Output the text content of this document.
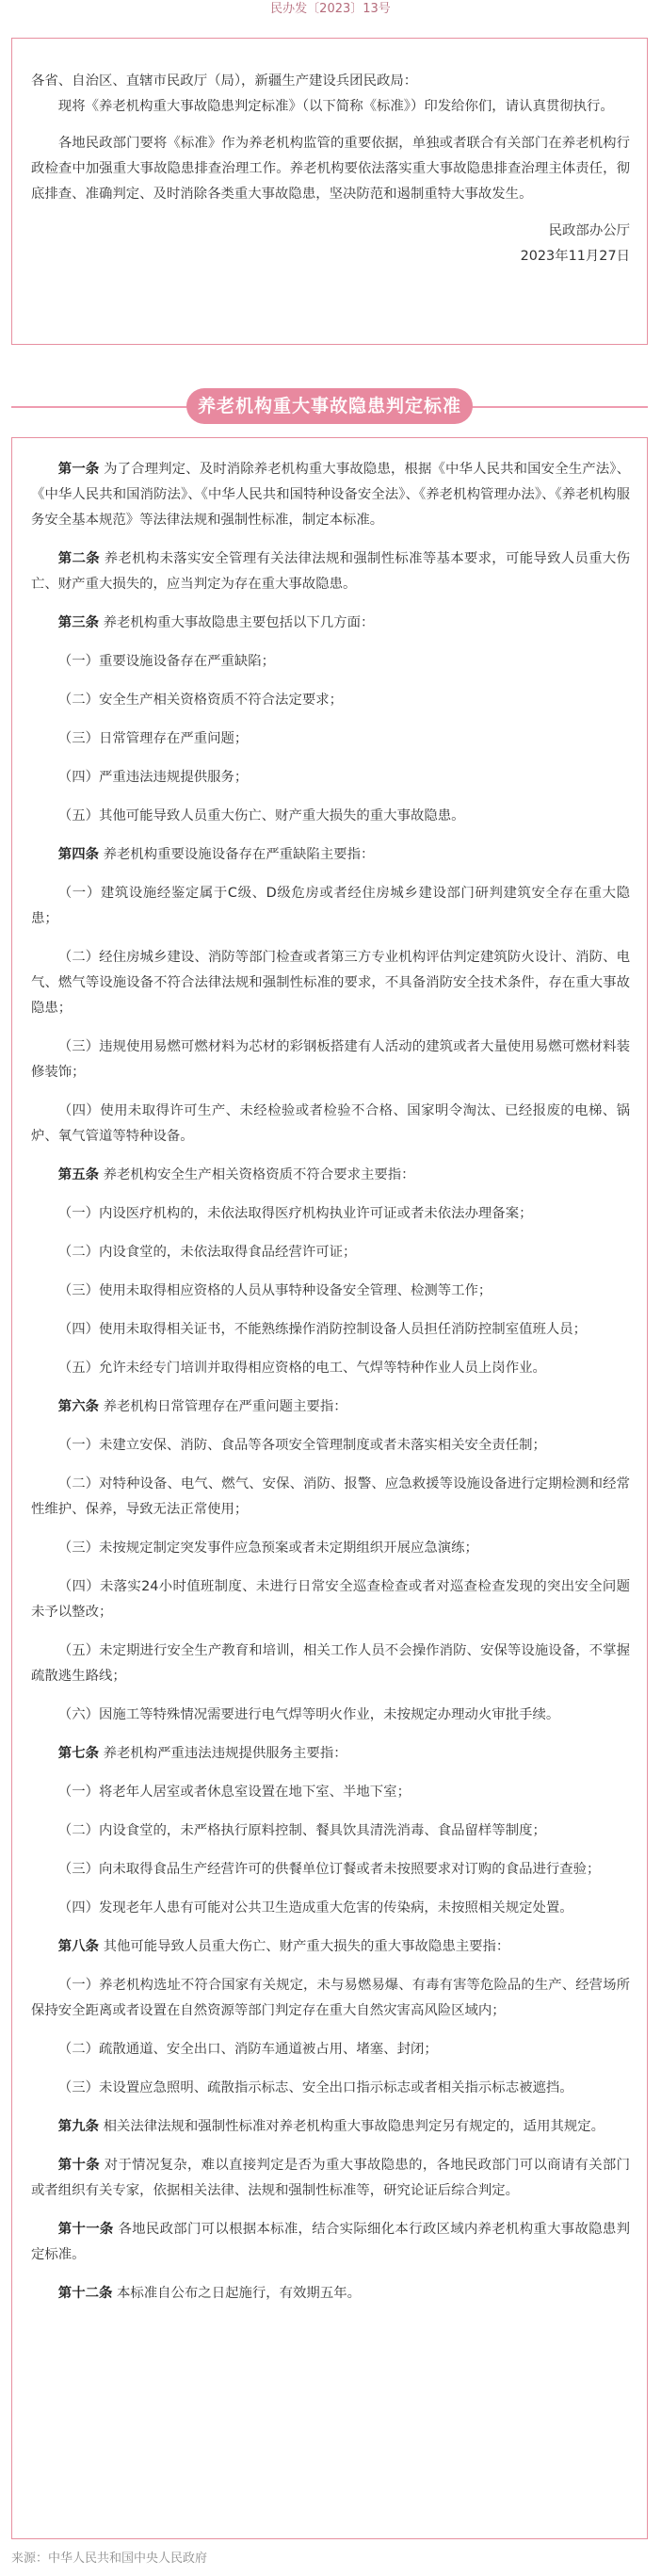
民办发〔2023〕13号

各省、自治区、直辖市民政厅（局），新疆生产建设兵团民政局：

现将《养老机构重大事故隐患判定标准》（以下简称《标准》）印发给你们，请认真贯彻执行。

各地民政部门要将《标准》作为养老机构监管的重要依据，单独或者联合有关部门在养老机构行政检查中加强重大事故隐患排查治理工作。养老机构要依法落实重大事故隐患排查治理主体责任，彻底排查、准确判定、及时消除各类重大事故隐患，坚决防范和遏制重特大事故发生。

民政部办公厅

2023年11月27日

养老机构重大事故隐患判定标准

第一条 为了合理判定、及时消除养老机构重大事故隐患，根据《中华人民共和国安全生产法》、《中华人民共和国消防法》、《中华人民共和国特种设备安全法》、《养老机构管理办法》、《养老机构服务安全基本规范》等法律法规和强制性标准，制定本标准。

第二条 养老机构未落实安全管理有关法律法规和强制性标准等基本要求，可能导致人员重大伤亡、财产重大损失的，应当判定为存在重大事故隐患。

第三条 养老机构重大事故隐患主要包括以下几方面：

（一）重要设施设备存在严重缺陷；

（二）安全生产相关资格资质不符合法定要求；

（三）日常管理存在严重问题；

（四）严重违法违规提供服务；

（五）其他可能导致人员重大伤亡、财产重大损失的重大事故隐患。

第四条 养老机构重要设施设备存在严重缺陷主要指：

（一）建筑设施经鉴定属于C级、D级危房或者经住房城乡建设部门研判建筑安全存在重大隐患；

（二）经住房城乡建设、消防等部门检查或者第三方专业机构评估判定建筑防火设计、消防、电气、燃气等设施设备不符合法律法规和强制性标准的要求，不具备消防安全技术条件，存在重大事故隐患；

（三）违规使用易燃可燃材料为芯材的彩钢板搭建有人活动的建筑或者大量使用易燃可燃材料装修装饰；

（四）使用未取得许可生产、未经检验或者检验不合格、国家明令淘汰、已经报废的电梯、锅炉、氧气管道等特种设备。

第五条 养老机构安全生产相关资格资质不符合要求主要指：

（一）内设医疗机构的，未依法取得医疗机构执业许可证或者未依法办理备案；

（二）内设食堂的，未依法取得食品经营许可证；

（三）使用未取得相应资格的人员从事特种设备安全管理、检测等工作；

（四）使用未取得相关证书，不能熟练操作消防控制设备人员担任消防控制室值班人员；

（五）允许未经专门培训并取得相应资格的电工、气焊等特种作业人员上岗作业。

第六条 养老机构日常管理存在严重问题主要指：

（一）未建立安保、消防、食品等各项安全管理制度或者未落实相关安全责任制；

（二）对特种设备、电气、燃气、安保、消防、报警、应急救援等设施设备进行定期检测和经常性维护、保养，导致无法正常使用；

（三）未按规定制定突发事件应急预案或者未定期组织开展应急演练；

（四）未落实24小时值班制度、未进行日常安全巡查检查或者对巡查检查发现的突出安全问题未予以整改；

（五）未定期进行安全生产教育和培训，相关工作人员不会操作消防、安保等设施设备，不掌握疏散逃生路线；

（六）因施工等特殊情况需要进行电气焊等明火作业，未按规定办理动火审批手续。

第七条 养老机构严重违法违规提供服务主要指：

（一）将老年人居室或者休息室设置在地下室、半地下室；

（二）内设食堂的，未严格执行原料控制、餐具饮具清洗消毒、食品留样等制度；

（三）向未取得食品生产经营许可的供餐单位订餐或者未按照要求对订购的食品进行查验；

（四）发现老年人患有可能对公共卫生造成重大危害的传染病，未按照相关规定处置。

第八条 其他可能导致人员重大伤亡、财产重大损失的重大事故隐患主要指：

（一）养老机构选址不符合国家有关规定，未与易燃易爆、有毒有害等危险品的生产、经营场所保持安全距离或者设置在自然资源等部门判定存在重大自然灾害高风险区域内；

（二）疏散通道、安全出口、消防车通道被占用、堵塞、封闭；

（三）未设置应急照明、疏散指示标志、安全出口指示标志或者相关指示标志被遮挡。

第九条 相关法律法规和强制性标准对养老机构重大事故隐患判定另有规定的，适用其规定。

第十条 对于情况复杂，难以直接判定是否为重大事故隐患的，各地民政部门可以商请有关部门或者组织有关专家，依据相关法律、法规和强制性标准等，研究论证后综合判定。

第十一条 各地民政部门可以根据本标准，结合实际细化本行政区域内养老机构重大事故隐患判定标准。

第十二条 本标准自公布之日起施行，有效期五年。

来源：中华人民共和国中央人民政府
